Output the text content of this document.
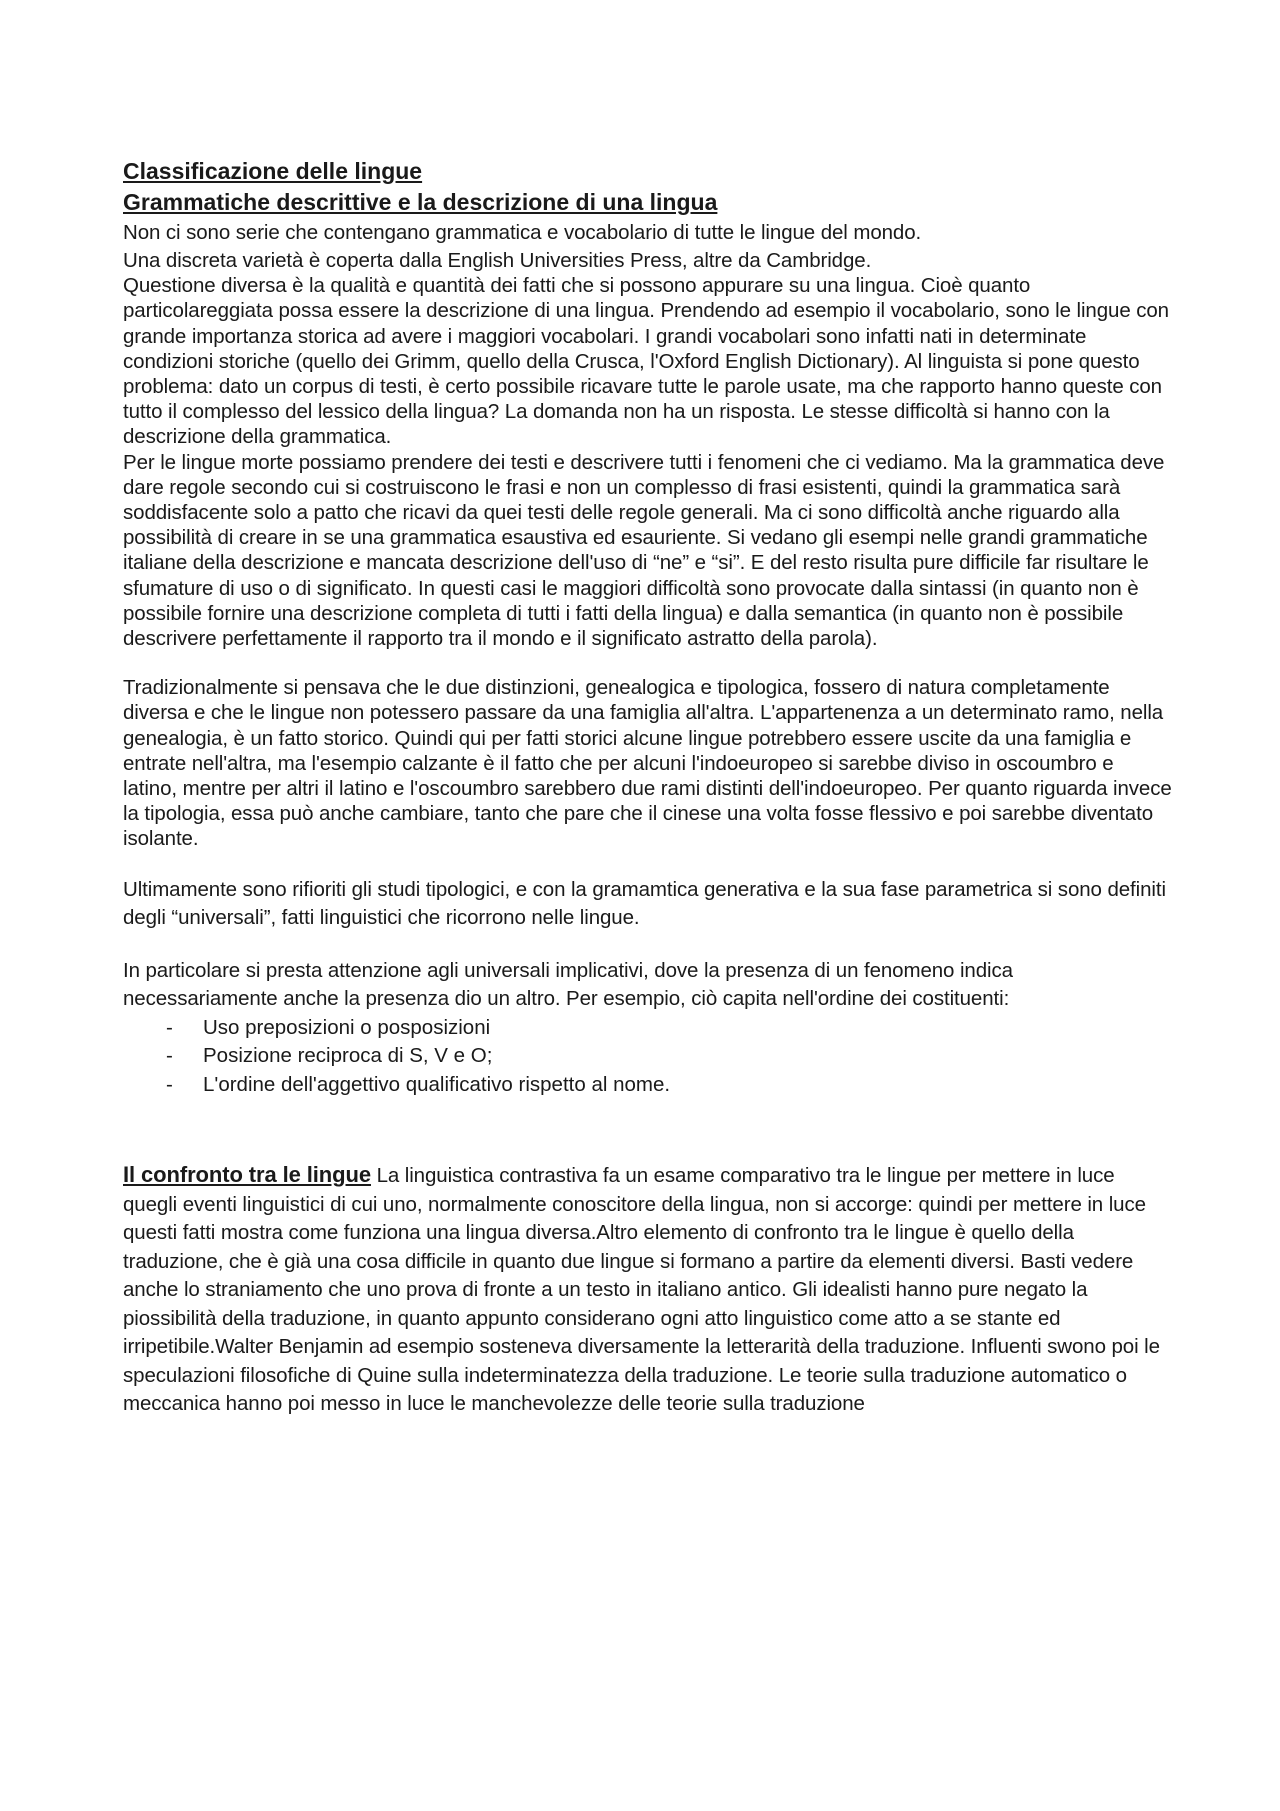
Classificazione delle lingue

Grammatiche descrittive e la descrizione di una lingua

Non ci sono serie che contengano grammatica e vocabolario di tutte le lingue del mondo.

Una discreta varietà è coperta dalla English Universities Press, altre da Cambridge.

Questione diversa è la qualità e quantità dei fatti che si possono appurare su una lingua. Cioè quanto particolareggiata possa essere la descrizione di una lingua. Prendendo ad esempio il vocabolario, sono le lingue con grande importanza storica ad avere i maggiori vocabolari. I grandi vocabolari sono infatti nati in determinate condizioni storiche (quello dei Grimm, quello della Crusca, l'Oxford English Dictionary). Al linguista si pone questo problema: dato un corpus di testi, è certo possibile ricavare tutte le parole usate, ma che rapporto hanno queste con tutto il complesso del lessico della lingua? La domanda non ha un risposta. Le stesse difficoltà si hanno con la descrizione della grammatica.

Per le lingue morte possiamo prendere dei testi e descrivere tutti i fenomeni che ci vediamo. Ma la grammatica deve dare regole secondo cui si costruiscono le frasi e non un complesso di frasi esistenti, quindi la grammatica sarà soddisfacente solo a patto che ricavi da quei testi delle regole generali. Ma ci sono difficoltà anche riguardo alla possibilità di creare in se una grammatica esaustiva ed esauriente. Si vedano gli esempi nelle grandi grammatiche italiane della descrizione e mancata descrizione dell'uso di “ne” e “si”. E del resto risulta pure difficile far risultare le sfumature di uso o di significato. In questi casi le maggiori difficoltà sono provocate dalla sintassi (in quanto non è possibile fornire una descrizione completa di tutti i fatti della lingua) e dalla semantica (in quanto non è possibile descrivere perfettamente il rapporto tra il mondo e il significato astratto della parola).

Tradizionalmente si pensava che le due distinzioni, genealogica e tipologica, fossero di natura completamente diversa e che le lingue non potessero passare da una famiglia all'altra. L'appartenenza a un determinato ramo, nella genealogia, è un fatto storico. Quindi qui per fatti storici alcune lingue potrebbero essere uscite da una famiglia e entrate nell'altra, ma l'esempio calzante è il fatto che per alcuni l'indoeuropeo si sarebbe diviso in oscoumbro e latino, mentre per altri il latino e l'oscoumbro sarebbero due rami distinti dell'indoeuropeo. Per quanto riguarda invece la tipologia, essa può anche cambiare, tanto che pare che il cinese una volta fosse flessivo e poi sarebbe diventato isolante.

Ultimamente sono rifioriti gli studi tipologici, e con la gramamtica generativa e la sua fase parametrica si sono definiti degli “universali”, fatti linguistici che ricorrono nelle lingue.

In particolare si presta attenzione agli universali implicativi, dove la presenza di un fenomeno indica necessariamente anche la presenza dio un altro. Per esempio, ciò capita nell'ordine dei costituenti:

- Uso preposizioni o posposizioni
- Posizione reciproca di S, V e O;
- L'ordine dell'aggettivo qualificativo rispetto al nome.

Il confronto tra le lingue La linguistica contrastiva fa un esame comparativo tra le lingue per mettere in luce quegli eventi linguistici di cui uno, normalmente conoscitore della lingua, non si accorge: quindi per mettere in luce questi fatti mostra come funziona una lingua diversa.Altro elemento di confronto tra le lingue è quello della traduzione, che è già una cosa difficile in quanto due lingue si formano a partire da elementi diversi. Basti vedere anche lo straniamento che uno prova di fronte a un testo in italiano antico. Gli idealisti hanno pure negato la piossibilità della traduzione, in quanto appunto considerano ogni atto linguistico come atto a se stante ed irripetibile.Walter Benjamin ad esempio sosteneva diversamente la letterarità della traduzione. Influenti swono poi le speculazioni filosofiche di Quine sulla indeterminatezza della traduzione. Le teorie sulla traduzione automatico o meccanica hanno poi messo in luce le manchevolezze delle teorie sulla traduzione
